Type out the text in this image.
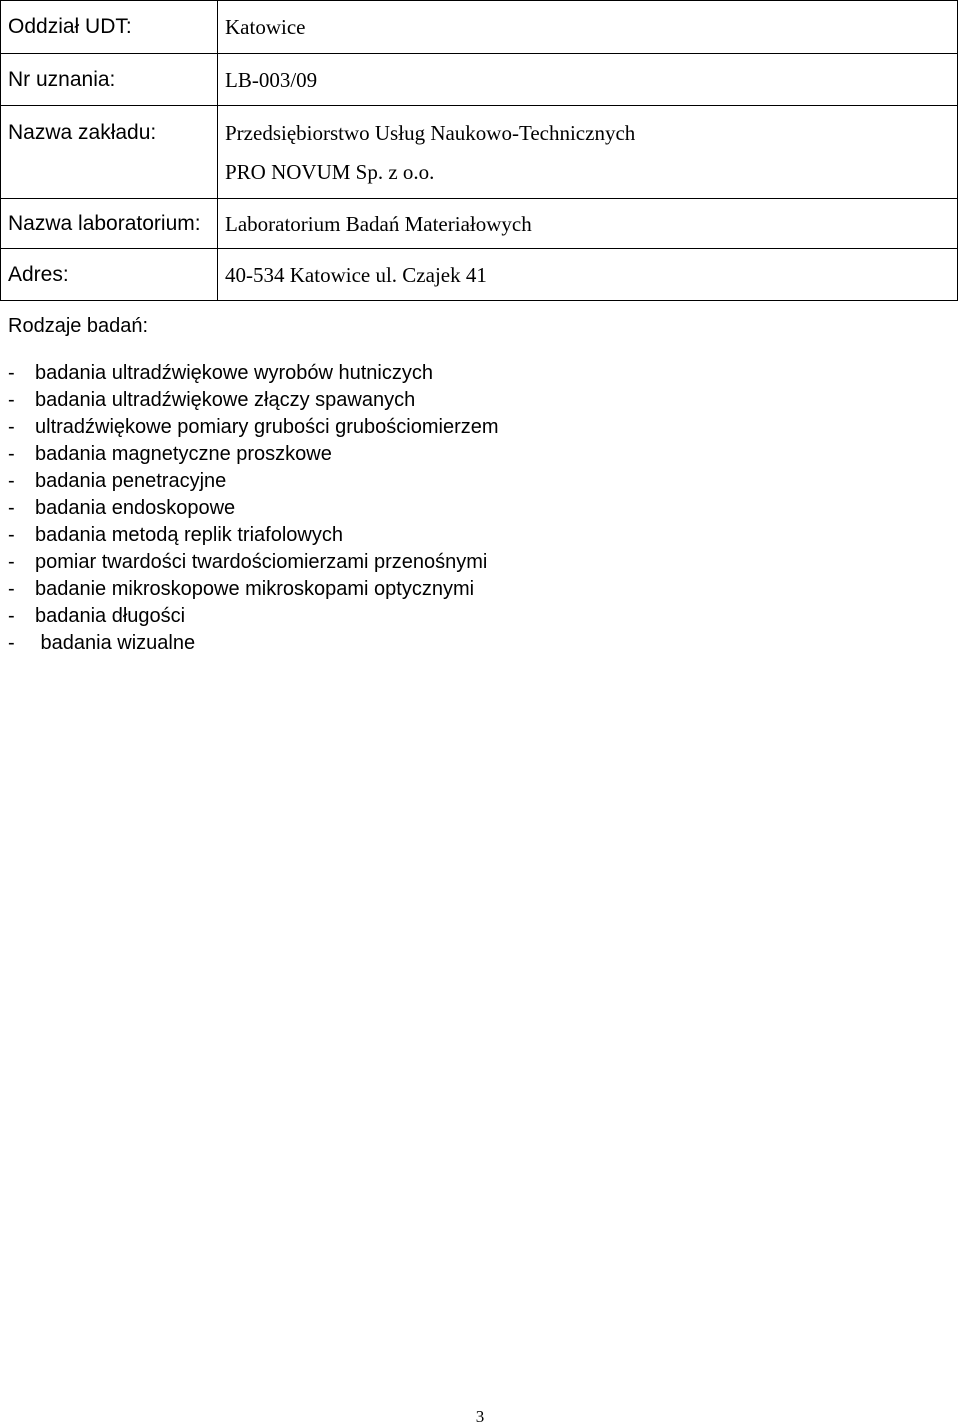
Oddział UDT:	Katowice
Nr uznania:	LB-003/09
Nazwa zakładu:	Przedsiębiorstwo Usług Naukowo-Technicznych
PRO NOVUM Sp. z o.o.

Nazwa laboratorium:	Laboratorium Badań Materiałowych
Adres:	40-534 Katowice ul. Czajek 41
Rodzaje badań:
-	badania ultradźwiękowe wyrobów hutniczych
-	badania ultradźwiękowe złączy spawanych
-	ultradźwiękowe pomiary grubości grubościomierzem
-	badania magnetyczne proszkowe
-	badania penetracyjne
-	badania endoskopowe
-	badania metodą replik triafolowych
-	pomiar twardości twardościomierzami przenośnymi
-	badanie mikroskopowe mikroskopami optycznymi
-	badania długości
-	badania wizualne
3
